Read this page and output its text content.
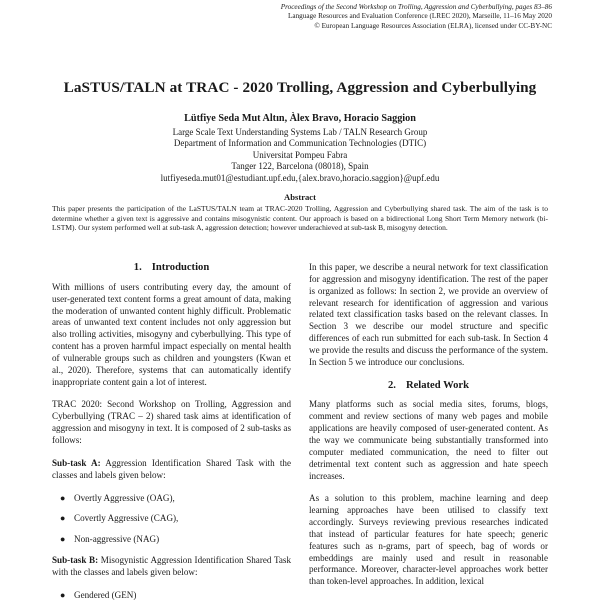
Proceedings of the Second Workshop on Trolling, Aggression and Cyberbullying, pages 83–86
Language Resources and Evaluation Conference (LREC 2020), Marseille, 11–16 May 2020
© European Language Resources Association (ELRA), licensed under CC-BY-NC
LaSTUS/TALN at TRAC - 2020 Trolling, Aggression and Cyberbullying
Lütfiye Seda Mut Altın, Àlex Bravo, Horacio Saggion
Large Scale Text Understanding Systems Lab / TALN Research Group
Department of Information and Communication Technologies (DTIC)
Universitat Pompeu Fabra
Tanger 122, Barcelona (08018), Spain
lutfiyeseda.mut01@estudiant.upf.edu,{alex.bravo,horacio.saggion}@upf.edu
Abstract
This paper presents the participation of the LaSTUS/TALN team at TRAC-2020 Trolling, Aggression and Cyberbullying shared task. The aim of the task is to determine whether a given text is aggressive and contains misogynistic content. Our approach is based on a bidirectional Long Short Term Memory network (bi-LSTM). Our system performed well at sub-task A, aggression detection; however underachieved at sub-task B, misogyny detection.
1. Introduction

With millions of users contributing every day, the amount of user-generated text content forms a great amount of data, making the moderation of unwanted content highly difficult. Problematic areas of unwanted text content includes not only aggression but also trolling activities, misogyny and cyberbullying. This type of content has a proven harmful impact especially on mental health of vulnerable groups such as children and youngsters (Kwan et al., 2020). Therefore, systems that can automatically identify inappropriate content gain a lot of interest.

TRAC 2020: Second Workshop on Trolling, Aggression and Cyberbullying (TRAC – 2) shared task aims at identification of aggression and misogyny in text. It is composed of 2 sub-tasks as follows:

Sub-task A: Aggression Identification Shared Task with the classes and labels given below:

● Overtly Aggressive (OAG),
● Covertly Aggressive (CAG),
● Non-aggressive (NAG)

Sub-task B: Misogynistic Aggression Identification Shared Task with the classes and labels given below:

● Gendered (GEN)

In this paper, we describe a neural network for text classification for aggression and misogyny identification. The rest of the paper is organized as follows: In section 2, we provide an overview of relevant research for identification of aggression and various related text classification tasks based on the relevant classes. In Section 3 we describe our model structure and specific differences of each run submitted for each sub-task. In Section 4 we provide the results and discuss the performance of the system. In Section 5 we introduce our conclusions.

2. Related Work

Many platforms such as social media sites, forums, blogs, comment and review sections of many web pages and mobile applications are heavily composed of user-generated content. As the way we communicate being substantially transformed into computer mediated communication, the need to filter out detrimental text content such as aggression and hate speech increases.

As a solution to this problem, machine learning and deep learning approaches have been utilised to classify text accordingly. Surveys reviewing previous researches indicated that instead of particular features for hate speech; generic features such as n-grams, part of speech, bag of words or embeddings are mainly used and result in reasonable performance. Moreover, character-level approaches work better than token-level approaches. In addition, lexical
